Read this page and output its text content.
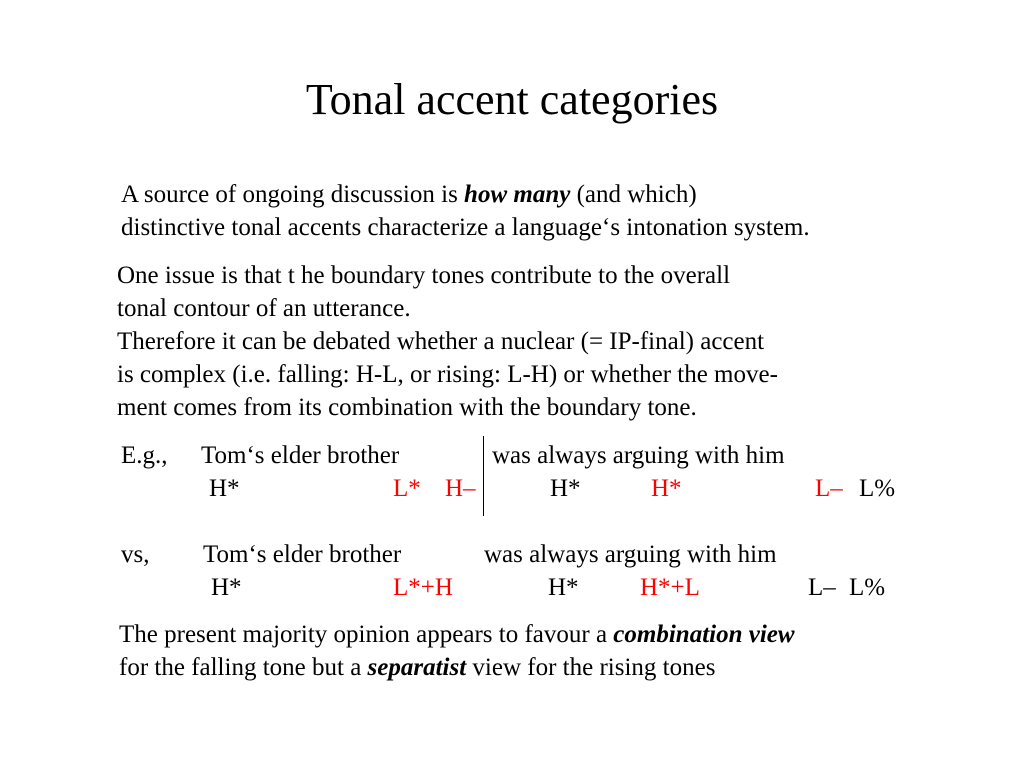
Tonal accent categories
A source of ongoing discussion is how many (and which)
distinctive tonal accents characterize a language‘s intonation system.
One issue is that t he boundary tones contribute to the overall
tonal contour of an utterance.
Therefore it can be debated whether a nuclear (= IP-final) accent
is complex (i.e. falling: H-L, or rising: L-H) or whether the move-
ment comes from its combination with the boundary tone.
E.g., Tom‘s elder brother	was always arguing with him
H*	L* H–	H*	H*	L– L%
vs, Tom‘s elder brother	was always arguing with him
H*	L*+H	H* H*+L	L– L%
The present majority opinion appears to favour a combination view
for the falling tone but a separatist view for the rising tones
